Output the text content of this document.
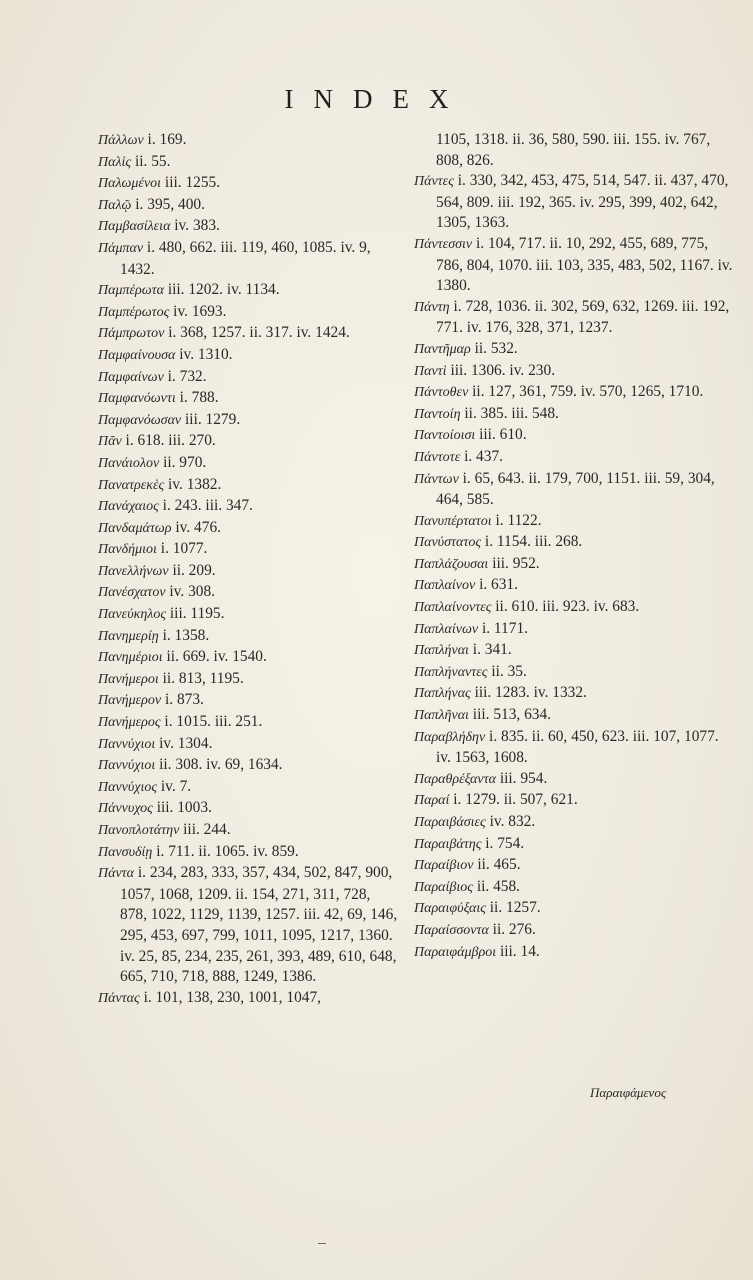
INDEX

Πάλλων i. 169.

Παλὶς ii. 55.

Παλωμένοι iii. 1255.

Παλῷ i. 395, 400.

Παμβασίλεια iv. 383.

Πάμπαν i. 480, 662. iii. 119, 460, 1085. iv. 9, 1432.

Παμπέρωτα iii. 1202. iv. 1134.

Παμπέρωτος iv. 1693.

Πάμπρωτον i. 368, 1257. ii. 317. iv. 1424.

Παμφαίνουσα iv. 1310.

Παμφαίνων i. 732.

Παμφανόωντι i. 788.

Παμφανόωσαν iii. 1279.

Πᾶν i. 618. iii. 270.

Πανάιολον ii. 970.

Πανατρεκὲς iv. 1382.

Πανάχαιος i. 243. iii. 347.

Πανδαμάτωρ iv. 476.

Πανδήμιοι i. 1077.

Πανελλήνων ii. 209.

Πανέσχατον iv. 308.

Πανεύκηλος iii. 1195.

Πανημερίῃ i. 1358.

Πανημέριοι ii. 669. iv. 1540.

Πανήμεροι ii. 813, 1195.

Πανήμερον i. 873.

Πανήμερος i. 1015. iii. 251.

Παννύχιοι iv. 1304.

Παννύχιοι ii. 308. iv. 69, 1634.

Παννύχιος iv. 7.

Πάννυχος iii. 1003.

Πανοπλοτάτην iii. 244.

Πανσυδίῃ i. 711. ii. 1065. iv. 859.

Πάντα i. 234, 283, 333, 357, 434, 502, 847, 900, 1057, 1068, 1209. ii. 154, 271, 311, 728, 878, 1022, 1129, 1139, 1257. iii. 42, 69, 146, 295, 453, 697, 799, 1011, 1095, 1217, 1360. iv. 25, 85, 234, 235, 261, 393, 489, 610, 648, 665, 710, 718, 888, 1249, 1386.

Πάντας i. 101, 138, 230, 1001, 1047,

1105, 1318. ii. 36, 580, 590. iii. 155. iv. 767, 808, 826.

Πάντες i. 330, 342, 453, 475, 514, 547. ii. 437, 470, 564, 809. iii. 192, 365. iv. 295, 399, 402, 642, 1305, 1363.

Πάντεσσιν i. 104, 717. ii. 10, 292, 455, 689, 775, 786, 804, 1070. iii. 103, 335, 483, 502, 1167. iv. 1380.

Πάντη i. 728, 1036. ii. 302, 569, 632, 1269. iii. 192, 771. iv. 176, 328, 371, 1237.

Παντῆμαρ ii. 532.

Παντὶ iii. 1306. iv. 230.

Πάντοθεν ii. 127, 361, 759. iv. 570, 1265, 1710.

Παντοίη ii. 385. iii. 548.

Παντοίοισι iii. 610.

Πάντοτε i. 437.

Πάντων i. 65, 643. ii. 179, 700, 1151. iii. 59, 304, 464, 585.

Πανυπέρτατοι i. 1122.

Πανύστατος i. 1154. iii. 268.

Παπλάζουσαι iii. 952.

Παπλαίνον i. 631.

Παπλαίνοντες ii. 610. iii. 923. iv. 683.

Παπλαίνων i. 1171.

Παπλήναι i. 341.

Παπλήναντες ii. 35.

Παπλήνας iii. 1283. iv. 1332.

Παπλῆναι iii. 513, 634.

Παραβλήδην i. 835. ii. 60, 450, 623. iii. 107, 1077. iv. 1563, 1608.

Παραθρέξαντα iii. 954.

Παραί i. 1279. ii. 507, 621.

Παραιβάσιες iv. 832.

Παραιβάτης i. 754.

Παραίβιον ii. 465.

Παραίβιος ii. 458.

Παραιφύξαις ii. 1257.

Παραίσσοντα ii. 276.

Παραιφάμβροι iii. 14.

Παραιφάμενος
